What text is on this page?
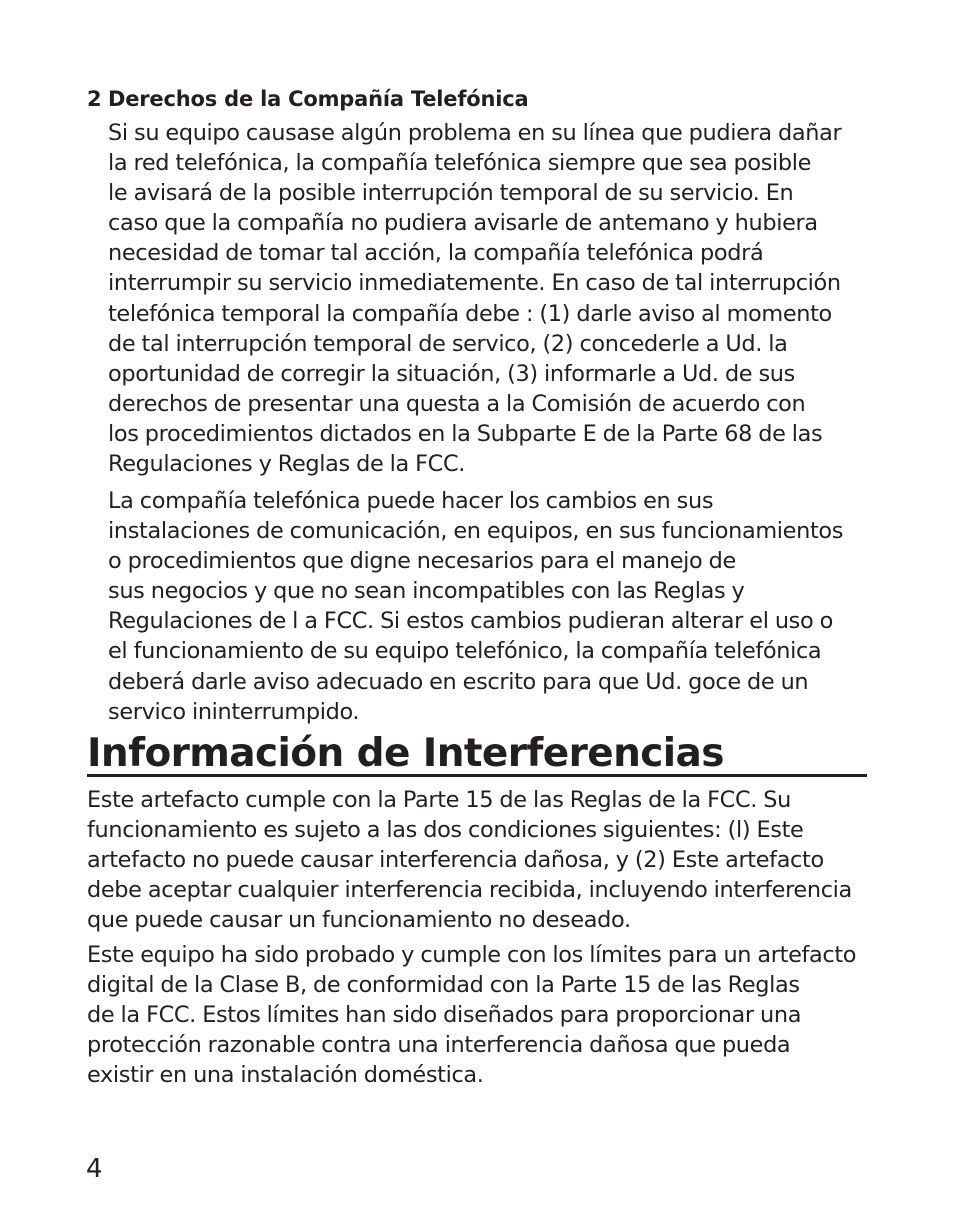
2 Derechos de la Compañía Telefónica

Si su equipo causase algún problema en su línea que pudiera dañar
la red telefónica, la compañía telefónica siempre que sea posible
le avisará de la posible interrupción temporal de su servicio. En
caso que la compañía no pudiera avisarle de antemano y hubiera
necesidad de tomar tal acción, la compañía telefónica podrá
interrumpir su servicio inmediatemente. En caso de tal interrupción
telefónica temporal la compañía debe : (1) darle aviso al momento
de tal interrupción temporal de servico, (2) concederle a Ud. la
oportunidad de corregir la situación, (3) informarle a Ud. de sus
derechos de presentar una questa a la Comisión de acuerdo con
los procedimientos dictados en la Subparte E de la Parte 68 de las
Regulaciones y Reglas de la FCC.

La compañía telefónica puede hacer los cambios en sus
instalaciones de comunicación, en equipos, en sus funcionamientos
o procedimientos que digne necesarios para el manejo de
sus negocios y que no sean incompatibles con las Reglas y
Regulaciones de l a FCC. Si estos cambios pudieran alterar el uso o
el funcionamiento de su equipo telefónico, la compañía telefónica
deberá darle aviso adecuado en escrito para que Ud. goce de un
servico ininterrumpido.

Información de Interferencias

Este artefacto cumple con la Parte 15 de las Reglas de la FCC. Su
funcionamiento es sujeto a las dos condiciones siguientes: (l) Este
artefacto no puede causar interferencia dañosa, y (2) Este artefacto
debe aceptar cualquier interferencia recibida, incluyendo interferencia
que puede causar un funcionamiento no deseado.

Este equipo ha sido probado y cumple con los límites para un artefacto
digital de la Clase B, de conformidad con la Parte 15 de las Reglas
de la FCC. Estos límites han sido diseñados para proporcionar una
protección razonable contra una interferencia dañosa que pueda
existir en una instalación doméstica.

4
